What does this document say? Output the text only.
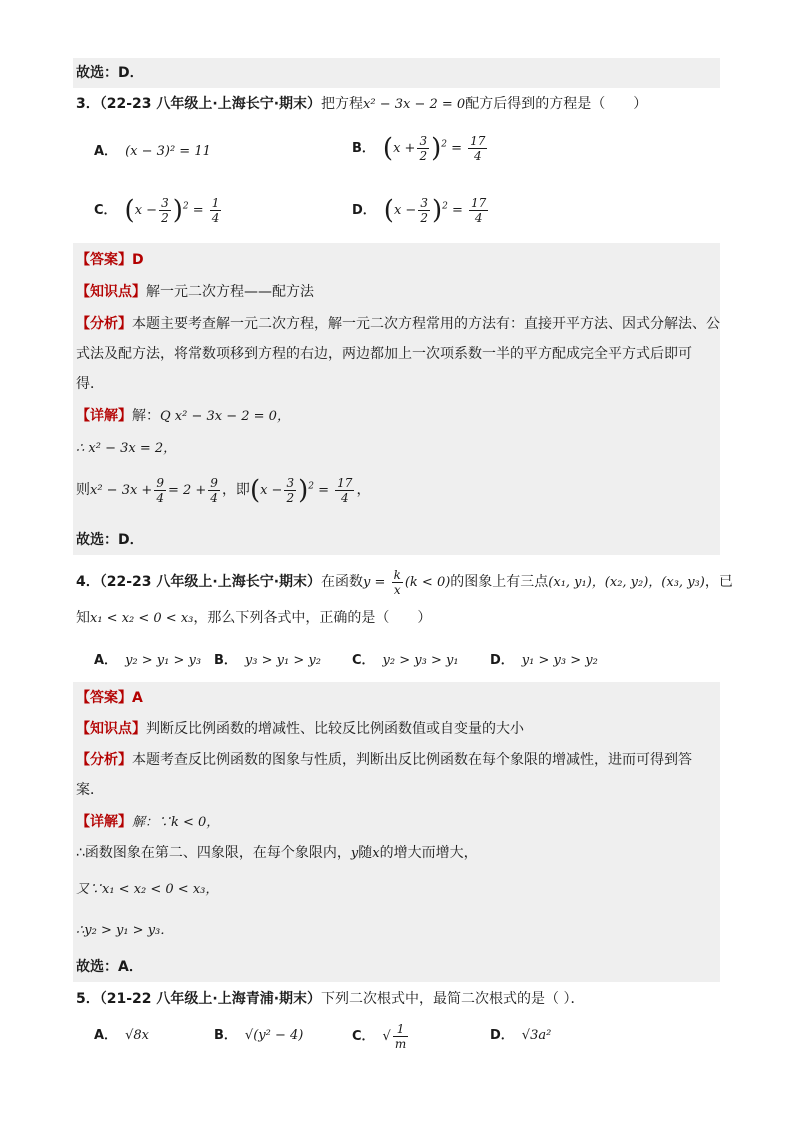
故选：D．
3．（22-23 八年级上·上海长宁·期末）把方程x² − 3x − 2 = 0配方后得到的方程是（　　）
A． (x − 3)² = 11	B． $(x + \frac{3}{2} )^2 = \frac{17}{4}$
C． $(x - \frac{3}{2} )^2 = \frac{1}{4}$	D． $(x - \frac{3}{2} )^2 = \frac{17}{4}$
【答案】D
【知识点】解一元二次方程——配方法
【分析】本题主要考查解一元二次方程，解一元二次方程常用的方法有：直接开平方法、因式分解法、公
式法及配方法，将常数项移到方程的右边，两边都加上一次项系数一半的平方配成完全平方式后即可
得．
【详解】解：Q x² − 3x − 2 = 0，
∴ x² − 3x = 2，
则$x^2 - 3x + \frac{9}{4} = 2 + \frac{9}{4}$ ，即$(x - \frac{3}{2} )^2 = \frac{17}{4}$ ，
故选：D．
4．（22-23 八年级上·上海长宁·期末）在函数$y = \frac{k}{x} (k < 0)$的图象上有三点(x₁, y₁)，(x₂, y₂)，(x₃, y₃)，已
知x₁ < x₂ < 0 < x₃，那么下列各式中，正确的是（　　）
A． y₂ > y₁ > y₃ B． y₃ > y₁ > y₂ C． y₂ > y₃ > y₁ D． y₁ > y₃ > y₂
【答案】A
【知识点】判断反比例函数的增减性、比较反比例函数值或自变量的大小
【分析】本题考查反比例函数的图象与性质，判断出反比例函数在每个象限的增减性，进而可得到答
案．
【详解】解：∵k < 0，
∴函数图象在第二、四象限，在每个象限内，y随x的增大而增大，
又∵x₁ < x₂ < 0 < x₃，
∴y₂ > y₁ > y₃．
故选：A．
5．（21-22 八年级上·上海青浦·期末）下列二次根式中，最简二次根式的是（ ）．
A． √8x	B． √(y² − 4)	C． √ $\frac{1}{m}$	D． √3a²
